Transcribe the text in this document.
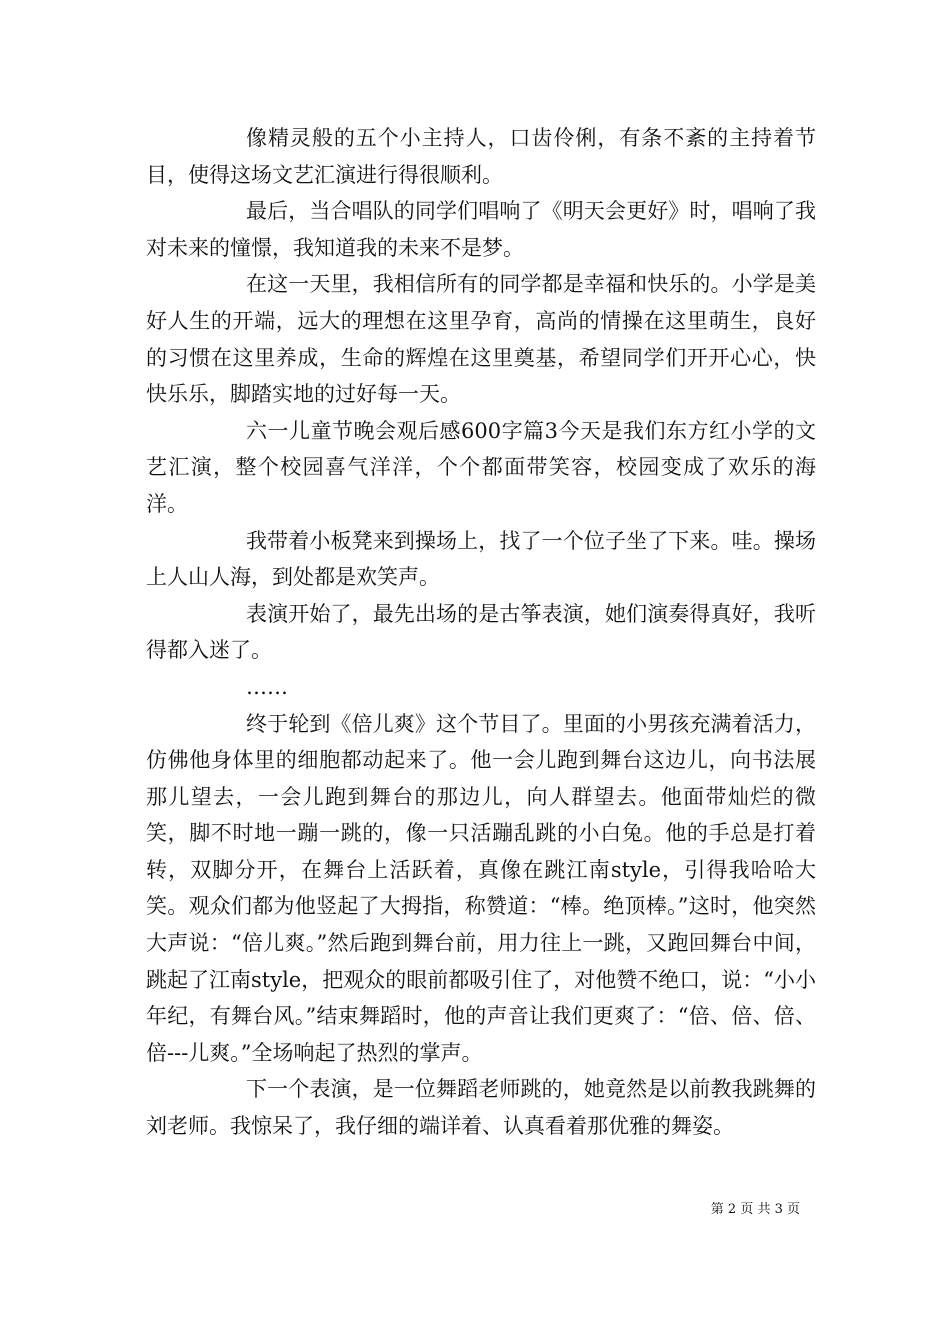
像精灵般的五个小主持人，口齿伶俐，有条不紊的主持着节目，使得这场文艺汇演进行得很顺利。

最后，当合唱队的同学们唱响了《明天会更好》时，唱响了我对未来的憧憬，我知道我的未来不是梦。

在这一天里，我相信所有的同学都是幸福和快乐的。小学是美好人生的开端，远大的理想在这里孕育，高尚的情操在这里萌生，良好的习惯在这里养成，生命的辉煌在这里奠基，希望同学们开开心心，快快乐乐，脚踏实地的过好每一天。

六一儿童节晚会观后感600字篇3今天是我们东方红小学的文艺汇演，整个校园喜气洋洋，个个都面带笑容，校园变成了欢乐的海洋。

我带着小板凳来到操场上，找了一个位子坐了下来。哇。操场上人山人海，到处都是欢笑声。

表演开始了，最先出场的是古筝表演，她们演奏得真好，我听得都入迷了。

……

终于轮到《倍儿爽》这个节目了。里面的小男孩充满着活力，仿佛他身体里的细胞都动起来了。他一会儿跑到舞台这边儿，向书法展那儿望去，一会儿跑到舞台的那边儿，向人群望去。他面带灿烂的微笑，脚不时地一蹦一跳的，像一只活蹦乱跳的小白兔。他的手总是打着转，双脚分开，在舞台上活跃着，真像在跳江南style，引得我哈哈大笑。观众们都为他竖起了大拇指，称赞道：“棒。绝顶棒。”这时，他突然大声说：“倍儿爽。”然后跑到舞台前，用力往上一跳，又跑回舞台中间，跳起了江南style，把观众的眼前都吸引住了，对他赞不绝口，说：“小小年纪，有舞台风。”结束舞蹈时，他的声音让我们更爽了：“倍、倍、倍、倍---儿爽。”全场响起了热烈的掌声。

下一个表演，是一位舞蹈老师跳的，她竟然是以前教我跳舞的刘老师。我惊呆了，我仔细的端详着、认真看着那优雅的舞姿。

第 2 页 共 3 页
